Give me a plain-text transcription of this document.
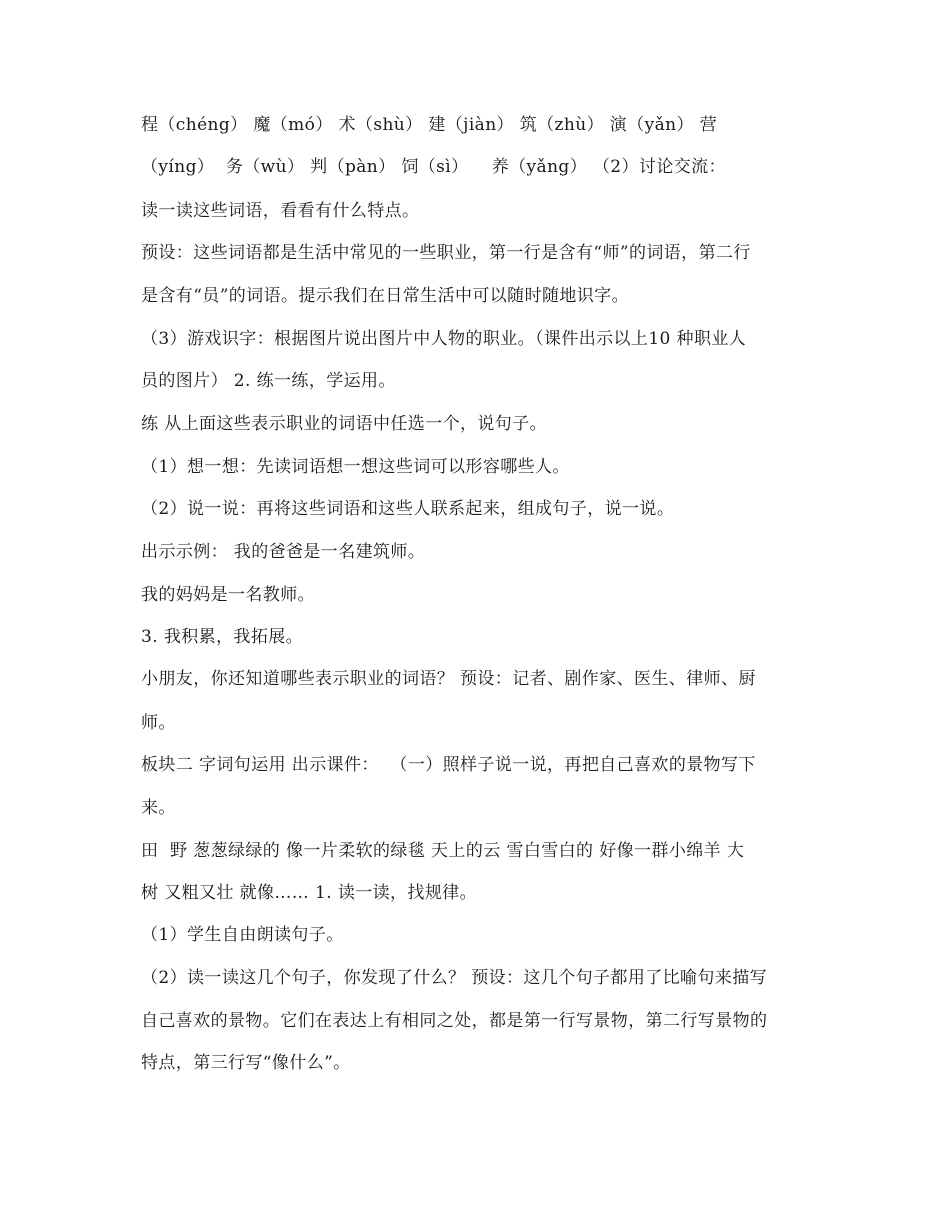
程（chéng） 魔（mó） 术（shù） 建（jiàn） 筑（zhù） 演（yǎn） 营
（yíng）  务（wù） 判（pàn） 饲（sì）    养（yǎng） （2）讨论交流：
读一读这些词语，看看有什么特点。
预设：这些词语都是生活中常见的一些职业，第一行是含有“师”的词语，第二行
是含有“员”的词语。提示我们在日常生活中可以随时随地识字。
（3）游戏识字：根据图片说出图片中人物的职业。（课件出示以上10 种职业人
员的图片） 2. 练一练，学运用。
练 从上面这些表示职业的词语中任选一个，说句子。
（1）想一想：先读词语想一想这些词可以形容哪些人。
（2）说一说：再将这些词语和这些人联系起来，组成句子，说一说。
出示示例： 我的爸爸是一名建筑师。
我的妈妈是一名教师。
3. 我积累，我拓展。
小朋友，你还知道哪些表示职业的词语？ 预设：记者、剧作家、医生、律师、厨
师。
板块二 字词句运用 出示课件：  （一）照样子说一说，再把自己喜欢的景物写下
来。
田  野 葱葱绿绿的 像一片柔软的绿毯 天上的云 雪白雪白的 好像一群小绵羊 大
树 又粗又壮 就像…… 1. 读一读，找规律。
（1）学生自由朗读句子。
（2）读一读这几个句子，你发现了什么？ 预设：这几个句子都用了比喻句来描写
自己喜欢的景物。它们在表达上有相同之处，都是第一行写景物，第二行写景物的
特点，第三行写“像什么”。
